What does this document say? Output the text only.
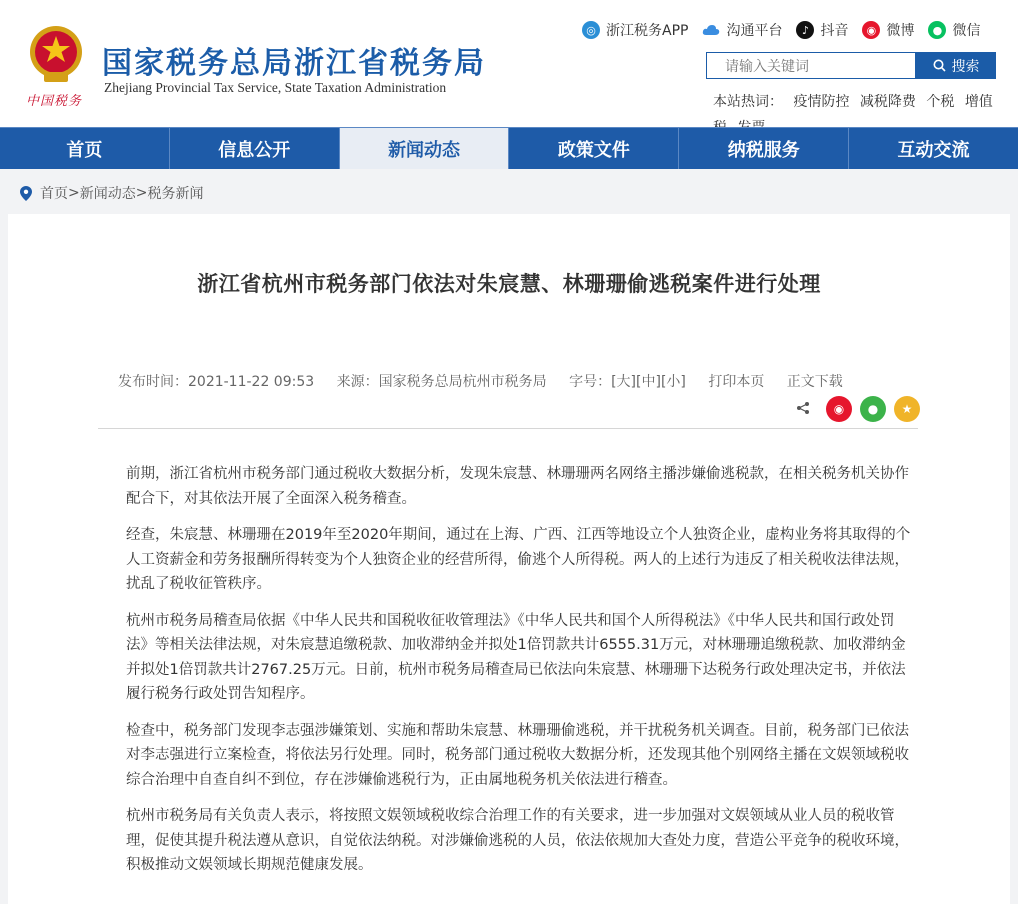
中国税务
国家税务总局浙江省税务局
Zhejiang Provincial Tax Service, State Taxation Administration
◎ 浙江税务APP	沟通平台	♪ 抖音	◉ 微博	● 微信
请输入关键词
搜索
本站热词： 疫情防控 减税降费 个税 增值
首页	信息公开	新闻动态	政策文件	纳税服务	互动交流
首页 > 新闻动态 > 税务新闻
浙江省杭州市税务部门依法对朱宸慧、林珊珊偷逃税案件进行处理
发布时间：2021-11-22 09:53 来源：国家税务总局杭州市税务局 字号：[大][中][小] 打印本页 正文下载
◉	●	★

前期，浙江省杭州市税务部门通过税收大数据分析，发现朱宸慧、林珊珊两名网络主播涉嫌偷逃税款，在相关税务机关协作配合下，对其依法开展了全面深入税务稽查。

经查，朱宸慧、林珊珊在2019年至2020年期间，通过在上海、广西、江西等地设立个人独资企业，虚构业务将其取得的个人工资薪金和劳务报酬所得转变为个人独资企业的经营所得，偷逃个人所得税。两人的上述行为违反了相关税收法律法规，扰乱了税收征管秩序。

杭州市税务局稽查局依据《中华人民共和国税收征收管理法》《中华人民共和国个人所得税法》《中华人民共和国行政处罚法》等相关法律法规，对朱宸慧追缴税款、加收滞纳金并拟处1倍罚款共计6555.31万元，对林珊珊追缴税款、加收滞纳金并拟处1倍罚款共计2767.25万元。日前，杭州市税务局稽查局已依法向朱宸慧、林珊珊下达税务行政处理决定书，并依法履行税务行政处罚告知程序。

检查中，税务部门发现李志强涉嫌策划、实施和帮助朱宸慧、林珊珊偷逃税，并干扰税务机关调查。目前，税务部门已依法对李志强进行立案检查，将依法另行处理。同时，税务部门通过税收大数据分析，还发现其他个别网络主播在文娱领域税收综合治理中自查自纠不到位，存在涉嫌偷逃税行为，正由属地税务机关依法进行稽查。

杭州市税务局有关负责人表示，将按照文娱领域税收综合治理工作的有关要求，进一步加强对文娱领域从业人员的税收管理，促使其提升税法遵从意识，自觉依法纳税。对涉嫌偷逃税的人员，依法依规加大查处力度，营造公平竞争的税收环境，积极推动文娱领域长期规范健康发展。
